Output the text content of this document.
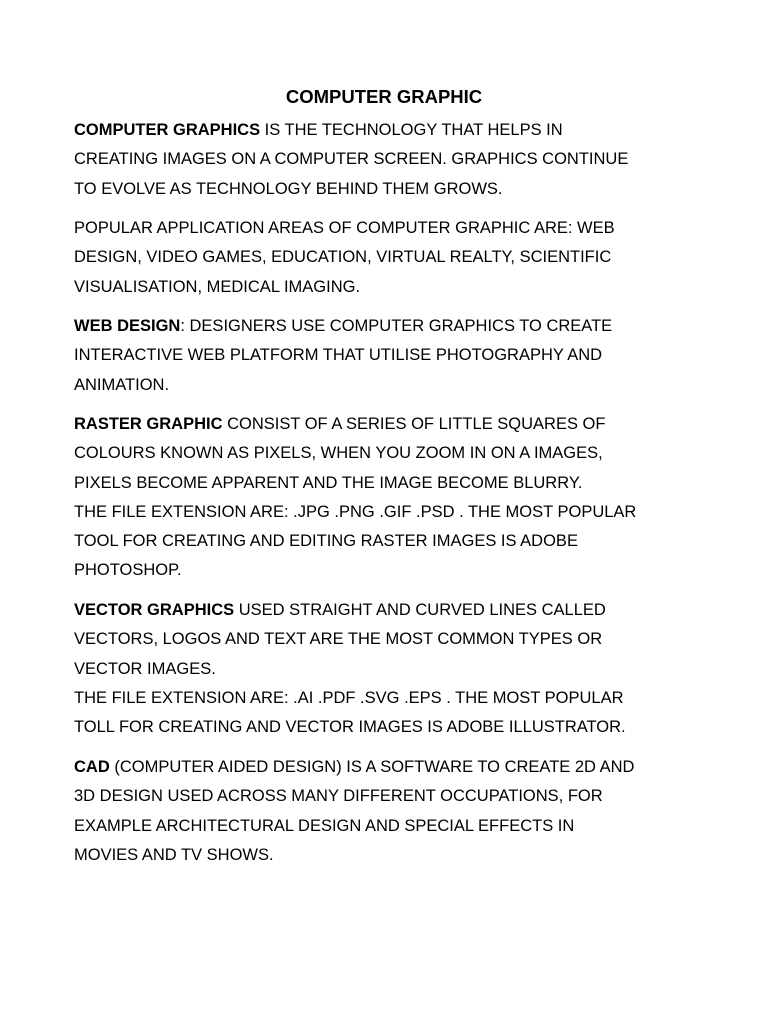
COMPUTER GRAPHIC

COMPUTER GRAPHICS IS THE TECHNOLOGY THAT HELPS IN
CREATING IMAGES ON A COMPUTER SCREEN. GRAPHICS CONTINUE
TO EVOLVE AS TECHNOLOGY BEHIND THEM GROWS.

POPULAR APPLICATION AREAS OF COMPUTER GRAPHIC ARE: WEB
DESIGN, VIDEO GAMES, EDUCATION, VIRTUAL REALTY, SCIENTIFIC
VISUALISATION, MEDICAL IMAGING.

WEB DESIGN: DESIGNERS USE COMPUTER GRAPHICS TO CREATE
INTERACTIVE WEB PLATFORM THAT UTILISE PHOTOGRAPHY AND
ANIMATION.

RASTER GRAPHIC CONSIST OF A SERIES OF LITTLE SQUARES OF
COLOURS KNOWN AS PIXELS, WHEN YOU ZOOM IN ON A IMAGES,
PIXELS BECOME APPARENT AND THE IMAGE BECOME BLURRY.
THE FILE EXTENSION ARE: .JPG .PNG .GIF .PSD . THE MOST POPULAR
TOOL FOR CREATING AND EDITING RASTER IMAGES IS ADOBE
PHOTOSHOP.

VECTOR GRAPHICS USED STRAIGHT AND CURVED LINES CALLED
VECTORS, LOGOS AND TEXT ARE THE MOST COMMON TYPES OR
VECTOR IMAGES.
THE FILE EXTENSION ARE: .AI .PDF .SVG .EPS . THE MOST POPULAR
TOLL FOR CREATING AND VECTOR IMAGES IS ADOBE ILLUSTRATOR.

CAD (COMPUTER AIDED DESIGN) IS A SOFTWARE TO CREATE 2D AND
3D DESIGN USED ACROSS MANY DIFFERENT OCCUPATIONS, FOR
EXAMPLE ARCHITECTURAL DESIGN AND SPECIAL EFFECTS IN
MOVIES AND TV SHOWS.
